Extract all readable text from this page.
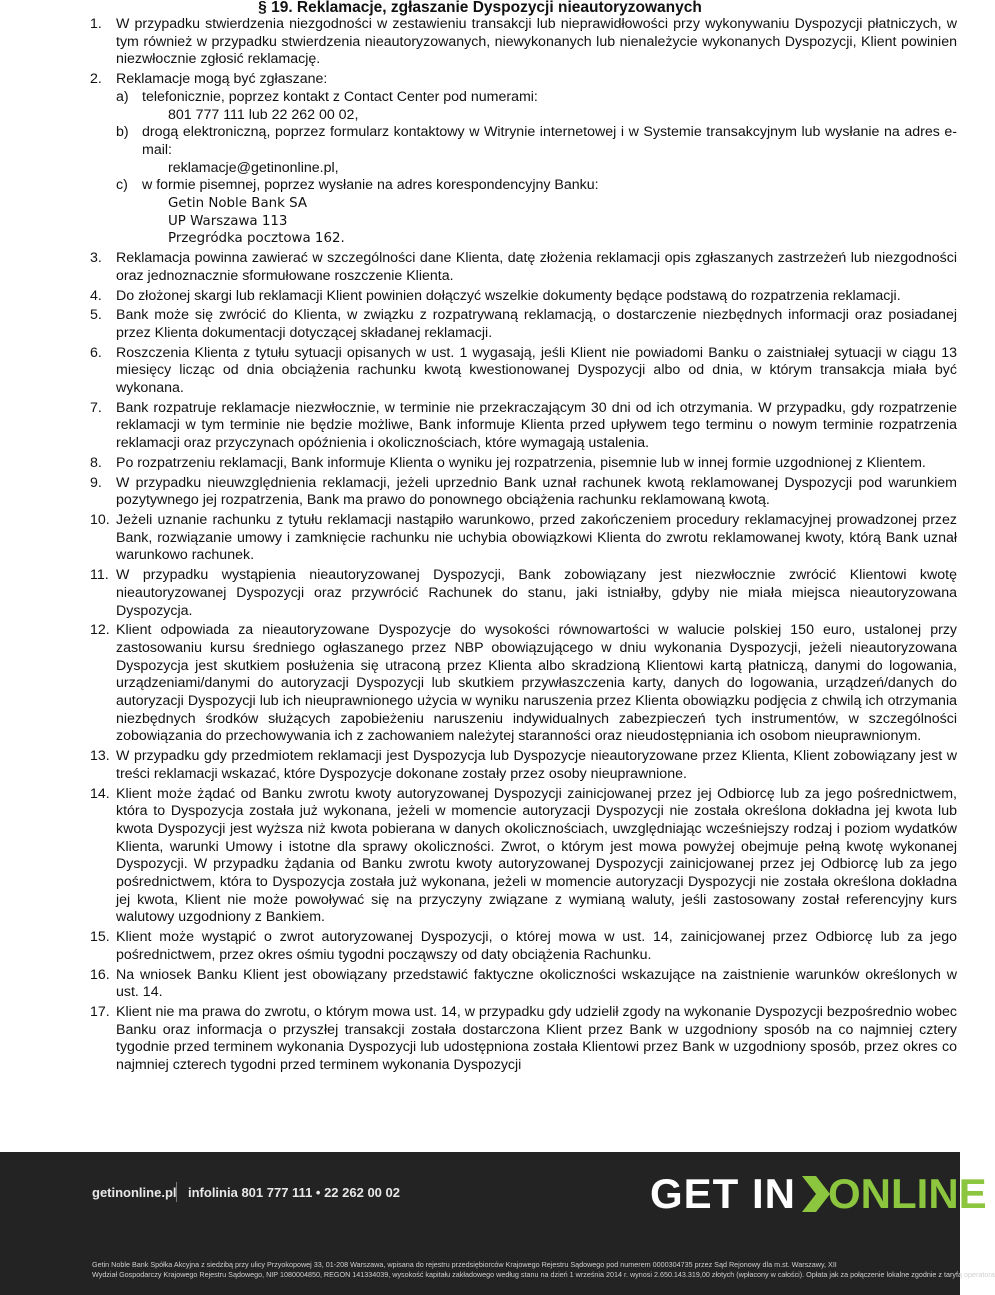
§ 19. Reklamacje, zgłaszanie Dyspozycji nieautoryzowanych
1. W przypadku stwierdzenia niezgodności w zestawieniu transakcji lub nieprawidłowości przy wykonywaniu Dyspozycji płatniczych, w tym również w przypadku stwierdzenia nieautoryzowanych, niewykonanych lub nienależycie wykonanych Dyspozycji, Klient powinien niezwłocznie zgłosić reklamację.
2. Reklamacje mogą być zgłaszane:
a) telefonicznie, poprzez kontakt z Contact Center pod numerami:
801 777 111 lub 22 262 00 02,
b) drogą elektroniczną, poprzez formularz kontaktowy w Witrynie internetowej i w Systemie transakcyjnym lub wysłanie na adres e-mail:
reklamacje@getinonline.pl,
c) w formie pisemnej, poprzez wysłanie na adres korespondencyjny Banku:
Getin Noble Bank SA
UP Warszawa 113
Przegródka pocztowa 162.
3. Reklamacja powinna zawierać w szczególności dane Klienta, datę złożenia reklamacji opis zgłaszanych zastrzeżeń lub niezgodności oraz jednoznacznie sformułowane roszczenie Klienta.
4. Do złożonej skargi lub reklamacji Klient powinien dołączyć wszelkie dokumenty będące podstawą do rozpatrzenia reklamacji.
5. Bank może się zwrócić do Klienta, w związku z rozpatrywaną reklamacją, o dostarczenie niezbędnych informacji oraz posiadanej przez Klienta dokumentacji dotyczącej składanej reklamacji.
6. Roszczenia Klienta z tytułu sytuacji opisanych w ust. 1 wygasają, jeśli Klient nie powiadomi Banku o zaistniałej sytuacji w ciągu 13 miesięcy licząc od dnia obciążenia rachunku kwotą kwestionowanej Dyspozycji albo od dnia, w którym transakcja miała być wykonana.
7. Bank rozpatruje reklamacje niezwłocznie, w terminie nie przekraczającym 30 dni od ich otrzymania. W przypadku, gdy rozpatrzenie reklamacji w tym terminie nie będzie możliwe, Bank informuje Klienta przed upływem tego terminu o nowym terminie rozpatrzenia reklamacji oraz przyczynach opóźnienia i okolicznościach, które wymagają ustalenia.
8. Po rozpatrzeniu reklamacji, Bank informuje Klienta o wyniku jej rozpatrzenia, pisemnie lub w innej formie uzgodnionej z Klientem.
9. W przypadku nieuwzględnienia reklamacji, jeżeli uprzednio Bank uznał rachunek kwotą reklamowanej Dyspozycji pod warunkiem pozytywnego jej rozpatrzenia, Bank ma prawo do ponownego obciążenia rachunku reklamowaną kwotą.
10. Jeżeli uznanie rachunku z tytułu reklamacji nastąpiło warunkowo, przed zakończeniem procedury reklamacyjnej prowadzonej przez Bank, rozwiązanie umowy i zamknięcie rachunku nie uchybia obowiązkowi Klienta do zwrotu reklamowanej kwoty, którą Bank uznał warunkowo rachunek.
11. W przypadku wystąpienia nieautoryzowanej Dyspozycji, Bank zobowiązany jest niezwłocznie zwrócić Klientowi kwotę nieautoryzowanej Dyspozycji oraz przywrócić Rachunek do stanu, jaki istniałby, gdyby nie miała miejsca nieautoryzowana Dyspozycja.
12. Klient odpowiada za nieautoryzowane Dyspozycje do wysokości równowartości w walucie polskiej 150 euro, ustalonej przy zastosowaniu kursu średniego ogłaszanego przez NBP obowiązującego w dniu wykonania Dyspozycji, jeżeli nieautoryzowana Dyspozycja jest skutkiem posłużenia się utraconą przez Klienta albo skradzioną Klientowi kartą płatniczą, danymi do logowania, urządzeniami/danymi do autoryzacji Dyspozycji lub skutkiem przywłaszczenia karty, danych do logowania, urządzeń/danych do autoryzacji Dyspozycji lub ich nieuprawnionego użycia w wyniku naruszenia przez Klienta obowiązku podjęcia z chwilą ich otrzymania niezbędnych środków służących zapobieżeniu naruszeniu indywidualnych zabezpieczeń tych instrumentów, w szczególności zobowiązania do przechowywania ich z zachowaniem należytej staranności oraz nieudostępniania ich osobom nieuprawnionym.
13. W przypadku gdy przedmiotem reklamacji jest Dyspozycja lub Dyspozycje nieautoryzowane przez Klienta, Klient zobowiązany jest w treści reklamacji wskazać, które Dyspozycje dokonane zostały przez osoby nieuprawnione.
14. Klient może żądać od Banku zwrotu kwoty autoryzowanej Dyspozycji zainicjowanej przez jej Odbiorcę lub za jego pośrednictwem, która to Dyspozycja została już wykonana, jeżeli w momencie autoryzacji Dyspozycji nie została określona dokładna jej kwota lub kwota Dyspozycji jest wyższa niż kwota pobierana w danych okolicznościach, uwzględniając wcześniejszy rodzaj i poziom wydatków Klienta, warunki Umowy i istotne dla sprawy okoliczności. Zwrot, o którym jest mowa powyżej obejmuje pełną kwotę wykonanej Dyspozycji. W przypadku żądania od Banku zwrotu kwoty autoryzowanej Dyspozycji zainicjowanej przez jej Odbiorcę lub za jego pośrednictwem, która to Dyspozycja została już wykonana, jeżeli w momencie autoryzacji Dyspozycji nie została określona dokładna jej kwota, Klient nie może powoływać się na przyczyny związane z wymianą waluty, jeśli zastosowany został referencyjny kurs walutowy uzgodniony z Bankiem.
15. Klient może wystąpić o zwrot autoryzowanej Dyspozycji, o której mowa w ust. 14, zainicjowanej przez Odbiorcę lub za jego pośrednictwem, przez okres ośmiu tygodni począwszy od daty obciążenia Rachunku.
16. Na wniosek Banku Klient jest obowiązany przedstawić faktyczne okoliczności wskazujące na zaistnienie warunków określonych w ust. 14.
17. Klient nie ma prawa do zwrotu, o którym mowa ust. 14, w przypadku gdy udzielił zgody na wykonanie Dyspozycji bezpośrednio wobec Banku oraz informacja o przyszłej transakcji została dostarczona Klient przez Bank w uzgodniony sposób na co najmniej cztery tygodnie przed terminem wykonania Dyspozycji lub udostępniona została Klientowi przez Bank w uzgodniony sposób, przez okres co najmniej czterech tygodni przed terminem wykonania Dyspozycji
getinonline.pl infolinia 801 777 111 • 22 262 00 02	GET IN ONLINE
Getin Noble Bank Spółka Akcyjna z siedzibą przy ulicy Przyokopowej 33, 01-208 Warszawa, wpisana do rejestru przedsiębiorców Krajowego Rejestru Sądowego pod numerem 0000304735 przez Sąd Rejonowy dla m.st. Warszawy, XII
Wydział Gospodarczy Krajowego Rejestru Sądowego, NIP 1080004850, REGON 141334039, wysokość kapitału zakładowego według stanu na dzień 1 września 2014 r. wynosi 2.650.143.319,00 złotych (wpłacony w całości). Opłata jak za połączenie lokalne zgodnie z taryfą operatora
